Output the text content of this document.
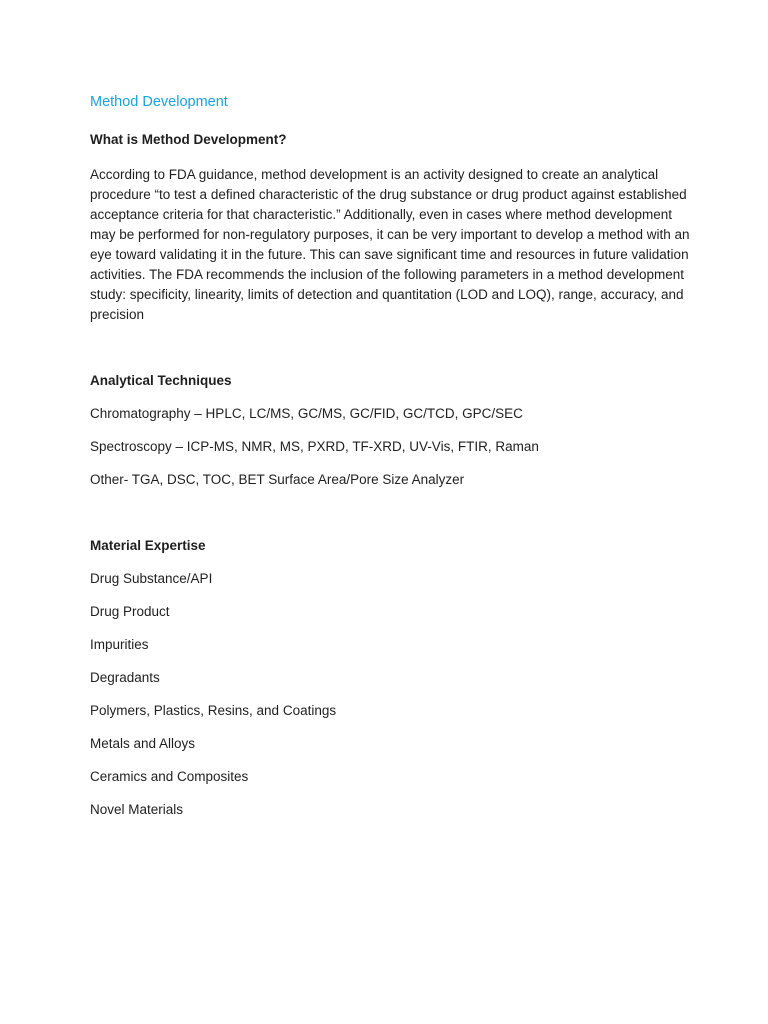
Method Development

What is Method Development?

According to FDA guidance, method development is an activity designed to create an analytical procedure “to test a defined characteristic of the drug substance or drug product against established acceptance criteria for that characteristic.” Additionally, even in cases where method development may be performed for non-regulatory purposes, it can be very important to develop a method with an eye toward validating it in the future. This can save significant time and resources in future validation activities. The FDA recommends the inclusion of the following parameters in a method development study: specificity, linearity, limits of detection and quantitation (LOD and LOQ), range, accuracy, and precision

Analytical Techniques

Chromatography – HPLC, LC/MS, GC/MS, GC/FID, GC/TCD, GPC/SEC

Spectroscopy – ICP-MS, NMR, MS, PXRD, TF-XRD, UV-Vis, FTIR, Raman

Other- TGA, DSC, TOC, BET Surface Area/Pore Size Analyzer

Material Expertise

Drug Substance/API

Drug Product

Impurities

Degradants

Polymers, Plastics, Resins, and Coatings

Metals and Alloys

Ceramics and Composites

Novel Materials
